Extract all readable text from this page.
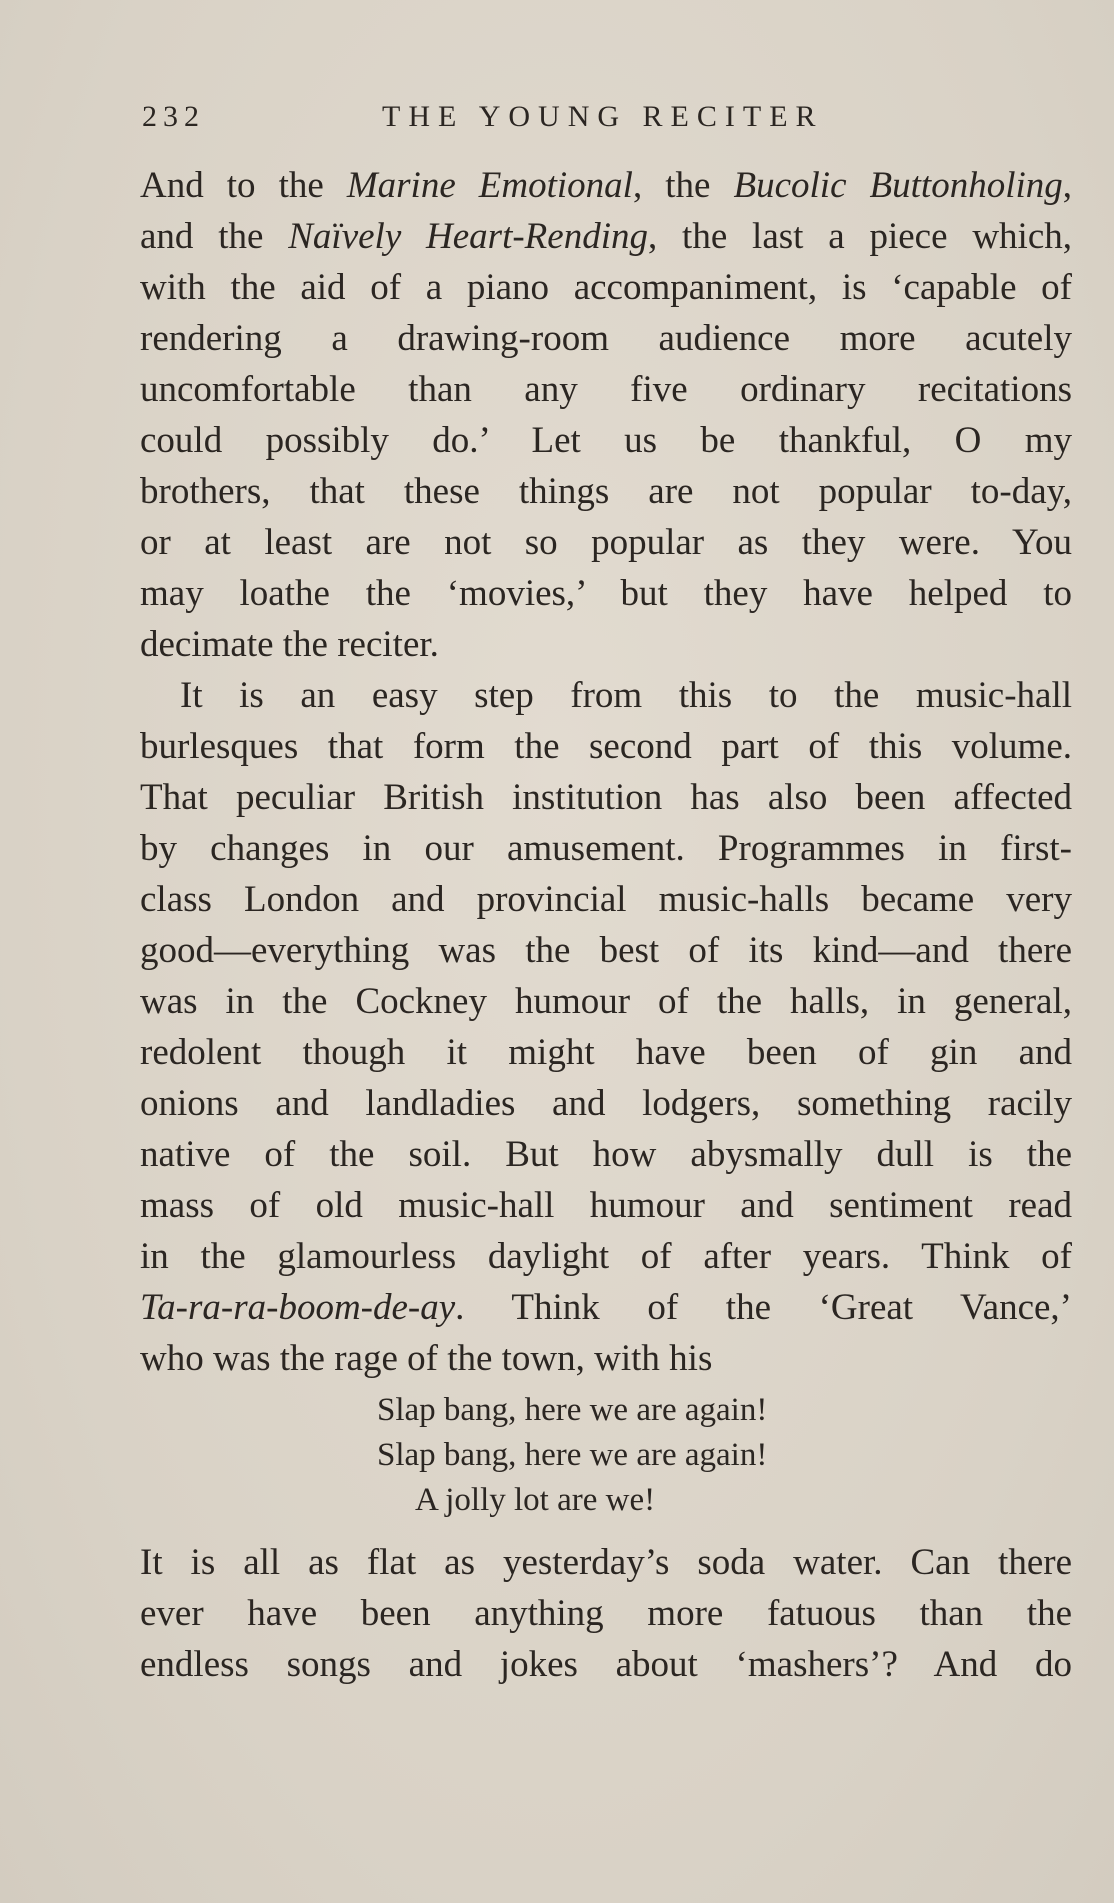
232	THE YOUNG RECITER
And to the Marine Emotional, the Bucolic Buttonholing,
and the Naïvely Heart-Rending, the last a piece which,
with the aid of a piano accompaniment, is ‘capable of
rendering a drawing-room audience more acutely
uncomfortable than any five ordinary recitations
could possibly do.’ Let us be thankful, O my
brothers, that these things are not popular to-day,
or at least are not so popular as they were. You
may loathe the ‘movies,’ but they have helped to
decimate the reciter.
It is an easy step from this to the music-hall
burlesques that form the second part of this volume.
That peculiar British institution has also been affected
by changes in our amusement. Programmes in first-
class London and provincial music-halls became very
good—everything was the best of its kind—and there
was in the Cockney humour of the halls, in general,
redolent though it might have been of gin and
onions and landladies and lodgers, something racily
native of the soil. But how abysmally dull is the
mass of old music-hall humour and sentiment read
in the glamourless daylight of after years. Think of
Ta-ra-ra-boom-de-ay. Think of the ‘Great Vance,’
who was the rage of the town, with his
Slap bang, here we are again!
Slap bang, here we are again!
A jolly lot are we!
It is all as flat as yesterday’s soda water. Can there
ever have been anything more fatuous than the
endless songs and jokes about ‘mashers’? And do
